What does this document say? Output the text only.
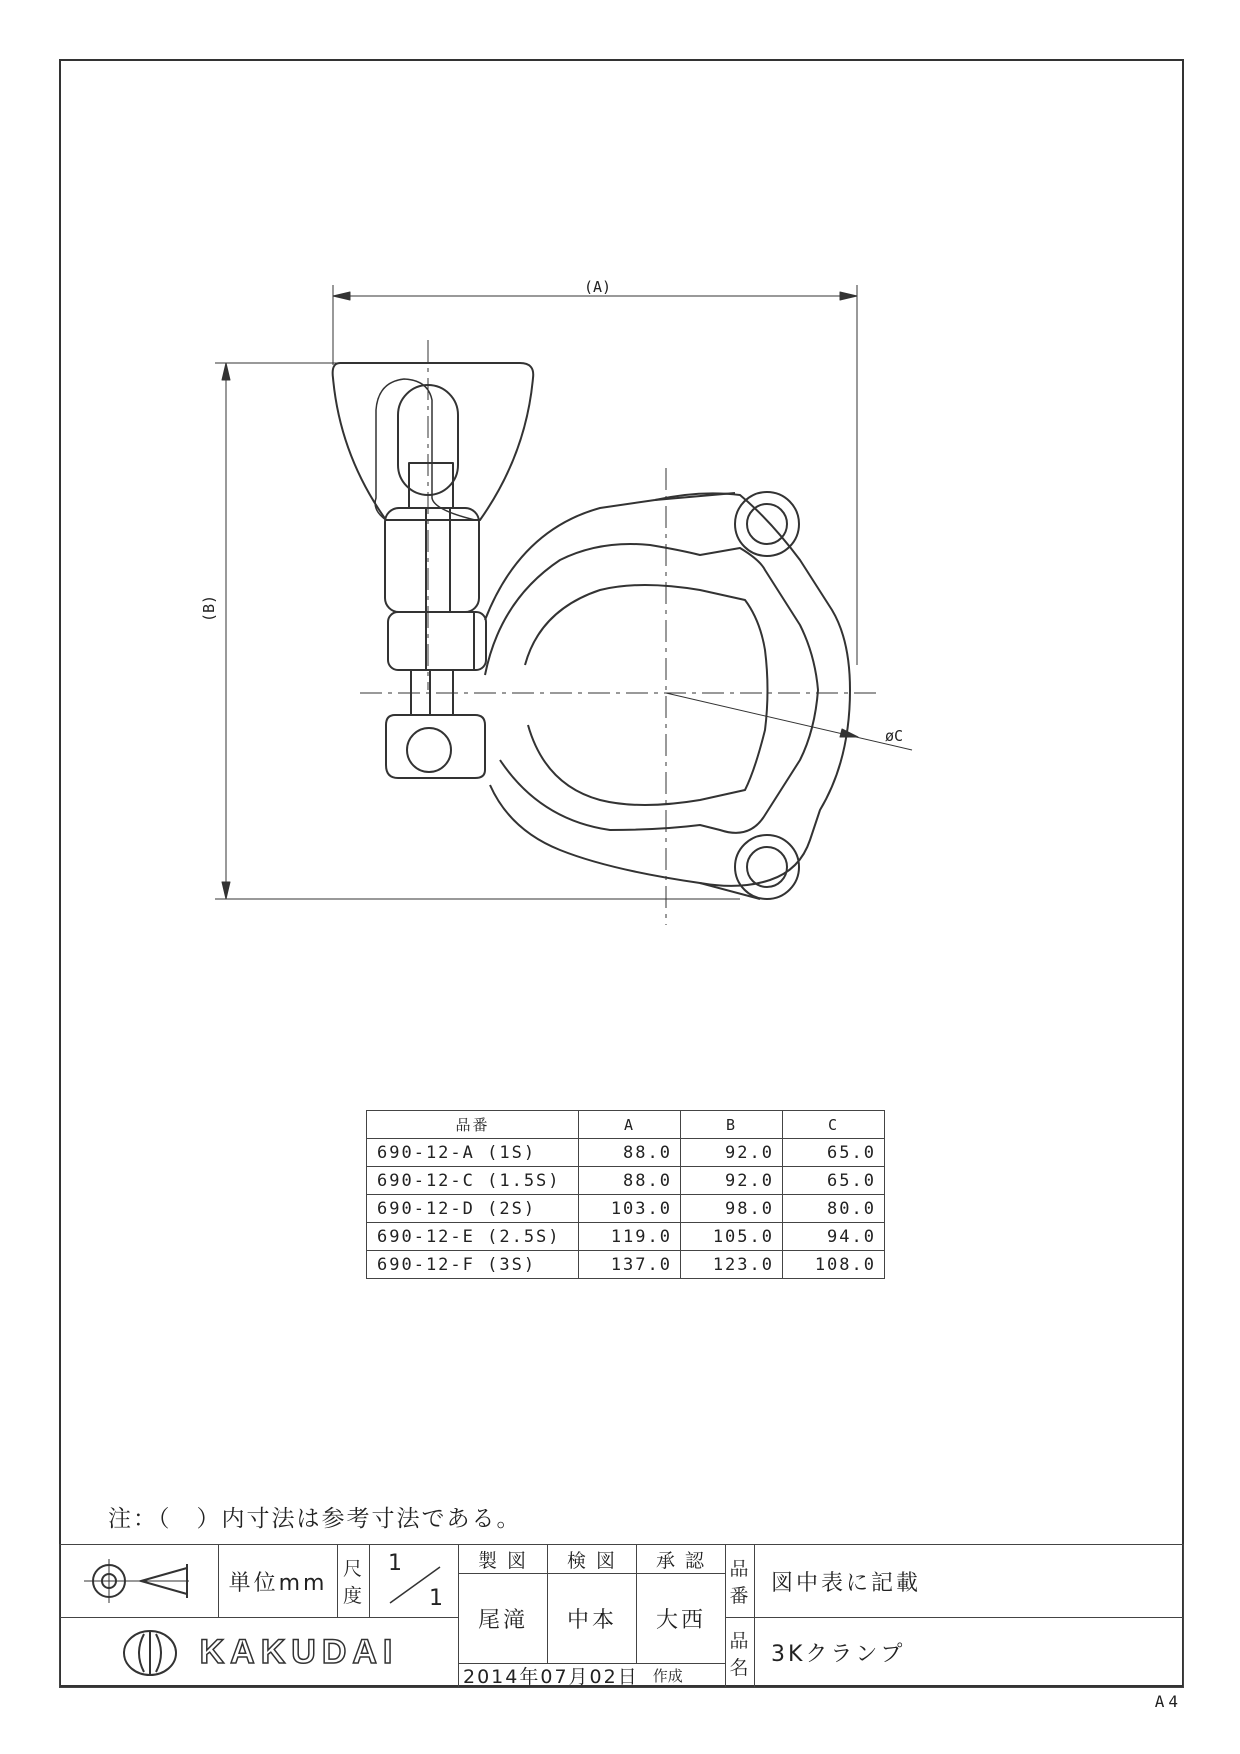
(A)
(B)
øC
品番	A	B	C
690-12-A (1S)	88.0	92.0	65.0
690-12-C (1.5S)	88.0	92.0	65.0
690-12-D (2S)	103.0	98.0	80.0
690-12-E (2.5S)	119.0	105.0	94.0
690-12-F (3S)	137.0	123.0	108.0
注：（　）内寸法は参考寸法である。
単位mm
尺
度
1
1
製 図 検 図 承 認
尾滝 中本 大西
2014年07月02日 作成
KAKUDAI
品
番
図中表に記載
品
名
3Kクランプ
A4
